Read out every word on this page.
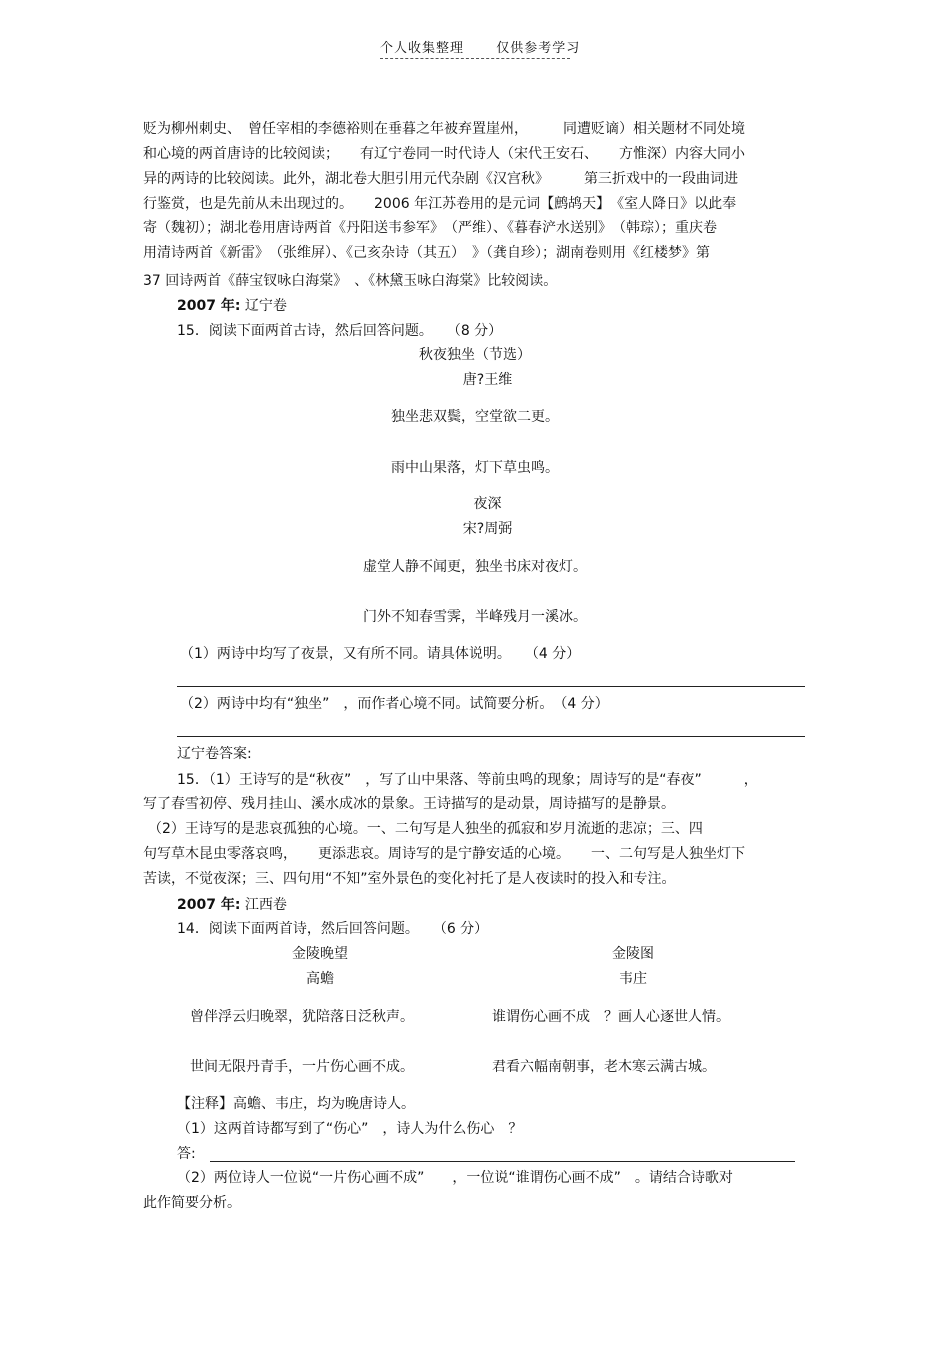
个人收集整理 仅供参考学习
贬为柳州刺史、　曾任宰相的李德裕则在垂暮之年被弃置崖州，　　　同遭贬谪）相关题材不同处境
和心境的两首唐诗的比较阅读；　　有辽宁卷同一时代诗人（宋代王安石、　　方惟深）内容大同小
异的两诗的比较阅读。此外，湖北卷大胆引用元代杂剧《汉宫秋》　　　第三折戏中的一段曲词进
行鉴赏，也是先前从未出现过的。　　2006 年江苏卷用的是元词【鹧鸪天】　《室人降日》以此奉
寄（魏初）；湖北卷用唐诗两首《丹阳送韦参军》　（严维）、《暮春浐水送别》　（韩琮）；重庆卷
用清诗两首《新雷》　（张维屏）、《己亥杂诗（其五）　》（龚自珍）；湖南卷则用《红楼梦》第
37 回诗两首《薛宝钗咏白海棠》　、《林黛玉咏白海棠》比较阅读。
2007 年: 辽宁卷
15．阅读下面两首古诗，然后回答问题。　　（8 分）
秋夜独坐（节选）
唐?王维
独坐悲双鬓，空堂欲二更。
雨中山果落，灯下草虫鸣。
夜深
宋?周弼
虚堂人静不闻更，独坐书床对夜灯。
门外不知春雪霁，半峰残月一溪冰。
（1）两诗中均写了夜景，又有所不同。请具体说明。　　（4 分）
（2）两诗中均有“独坐”　，而作者心境不同。试简要分析。　（4 分）
辽宁卷答案:
15．（1）王诗写的是“秋夜”　，写了山中果落、等前虫鸣的现象；周诗写的是“春夜”　　　，
写了春雪初停、残月挂山、溪水成冰的景象。王诗描写的是动景，周诗描写的是静景。
（2）王诗写的是悲哀孤独的心境。一、二句写是人独坐的孤寂和岁月流逝的悲凉；三、四
句写草木昆虫零落哀鸣，　　更添悲哀。周诗写的是宁静安适的心境。　　一、二句写是人独坐灯下
苦读，不觉夜深；三、四句用“不知”室外景色的变化衬托了是人夜读时的投入和专注。
2007 年: 江西卷
14．阅读下面两首诗，然后回答问题。　　（6 分）
金陵晚望
高蟾
金陵图
韦庄
曾伴浮云归晚翠，犹陪落日泛秋声。	谁谓伤心画不成　？画人心逐世人情。
世间无限丹青手，一片伤心画不成。	君看六幅南朝事，老木寒云满古城。
【注释】高蟾、韦庄，均为晚唐诗人。
（1）这两首诗都写到了“伤心”　，诗人为什么伤心　？
答:
（2）两位诗人一位说“一片伤心画不成”　　，一位说“谁谓伤心画不成”　。请结合诗歌对
此作简要分析。
